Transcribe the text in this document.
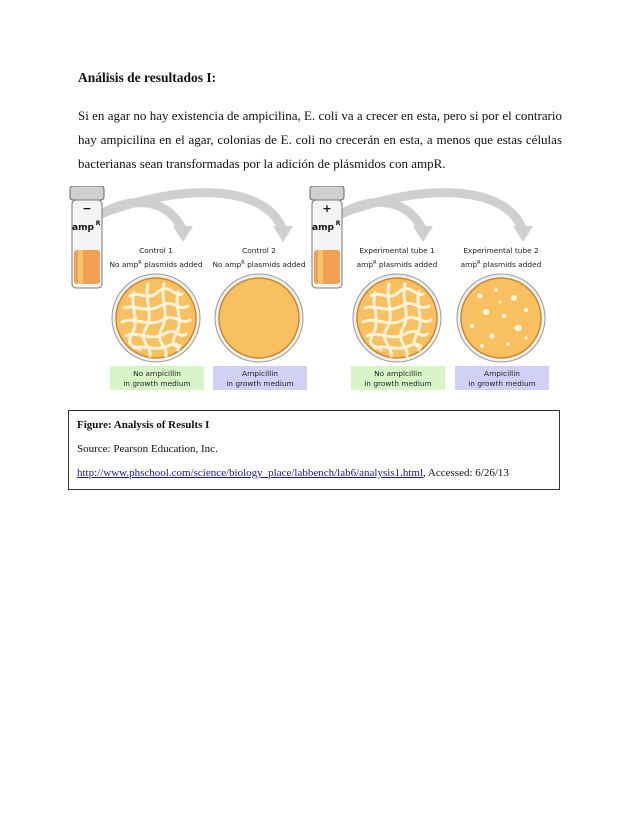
Análisis de resultados I:
Si en agar no hay existencia de ampicilina, E. coli va a crecer en esta, pero si por el contrario hay ampicilina en el agar, colonias de E. coli no crecerán en esta, a menos que estas células bacterianas sean transformadas por la adición de plásmidos con ampR.
−
amp R
+
amp R
Control 1
No amp$^R$ plasmids added
No ampicillin
in growth medium
Control 2
No amp$^R$ plasmids added
Ampicillin
in growth medium
Experimental tube 1
amp$^R$ plasmids added
No ampicillin
in growth medium
Experimental tube 2
amp$^R$ plasmids added
Ampicillin
in growth medium
Figure: Analysis of Results I
Source: Pearson Education, Inc.
http://www.phschool.com/science/biology_place/labbench/lab6/analysis1.html, Accessed: 6/26/13
